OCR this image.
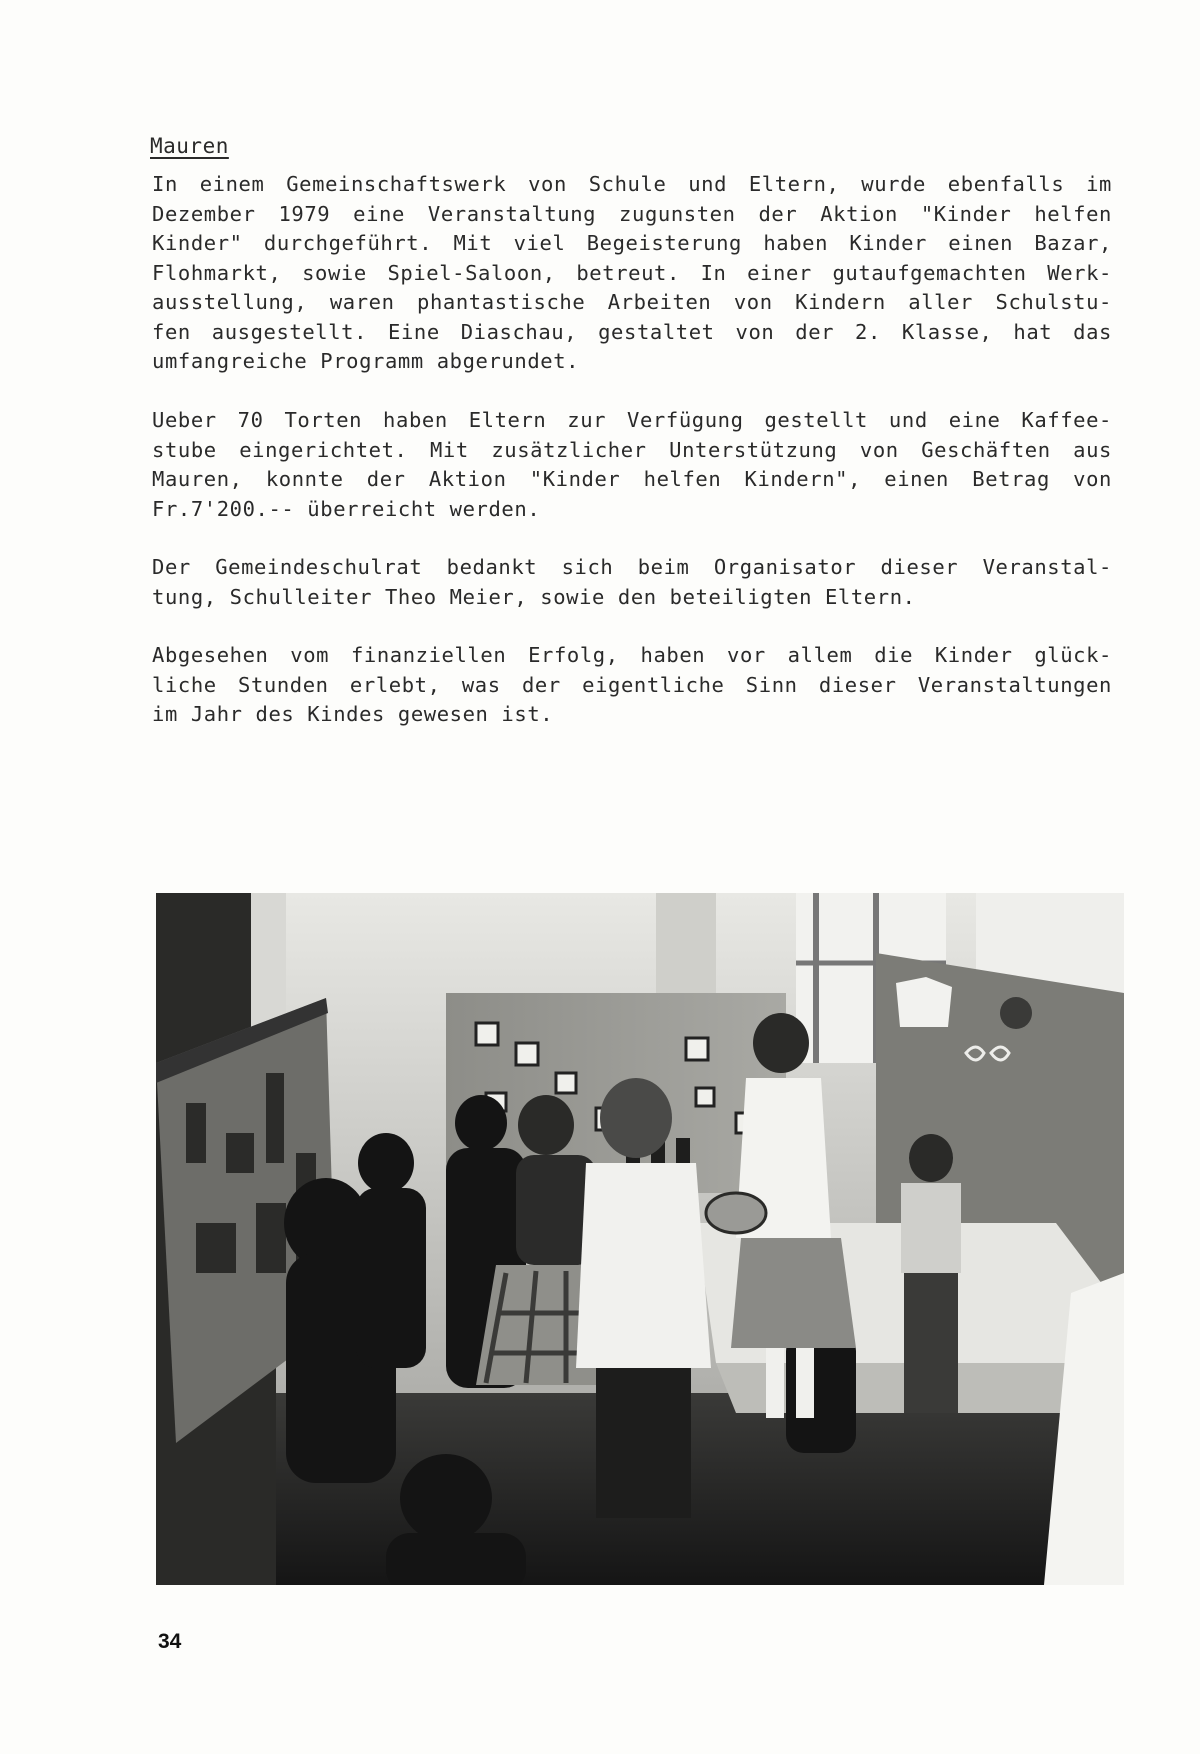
Mauren

In einem Gemeinschaftswerk von Schule und Eltern, wurde ebenfalls im
Dezember 1979 eine Veranstaltung zugunsten der Aktion "Kinder helfen
Kinder" durchgeführt. Mit viel Begeisterung haben Kinder einen Bazar,
Flohmarkt, sowie Spiel-Saloon, betreut. In einer gutaufgemachten Werk-
ausstellung, waren phantastische Arbeiten von Kindern aller Schulstu-
fen ausgestellt. Eine Diaschau, gestaltet von der 2. Klasse, hat das
umfangreiche Programm abgerundet.

Ueber 70 Torten haben Eltern zur Verfügung gestellt und eine Kaffee-
stube eingerichtet. Mit zusätzlicher Unterstützung von Geschäften aus
Mauren, konnte der Aktion "Kinder helfen Kindern", einen Betrag von
Fr.7'200.-- überreicht werden.

Der Gemeindeschulrat bedankt sich beim Organisator dieser Veranstal-
tung, Schulleiter Theo Meier, sowie den beteiligten Eltern.

Abgesehen vom finanziellen Erfolg, haben vor allem die Kinder glück-
liche Stunden erlebt, was der eigentliche Sinn dieser Veranstaltungen
im Jahr des Kindes gewesen ist.

34
